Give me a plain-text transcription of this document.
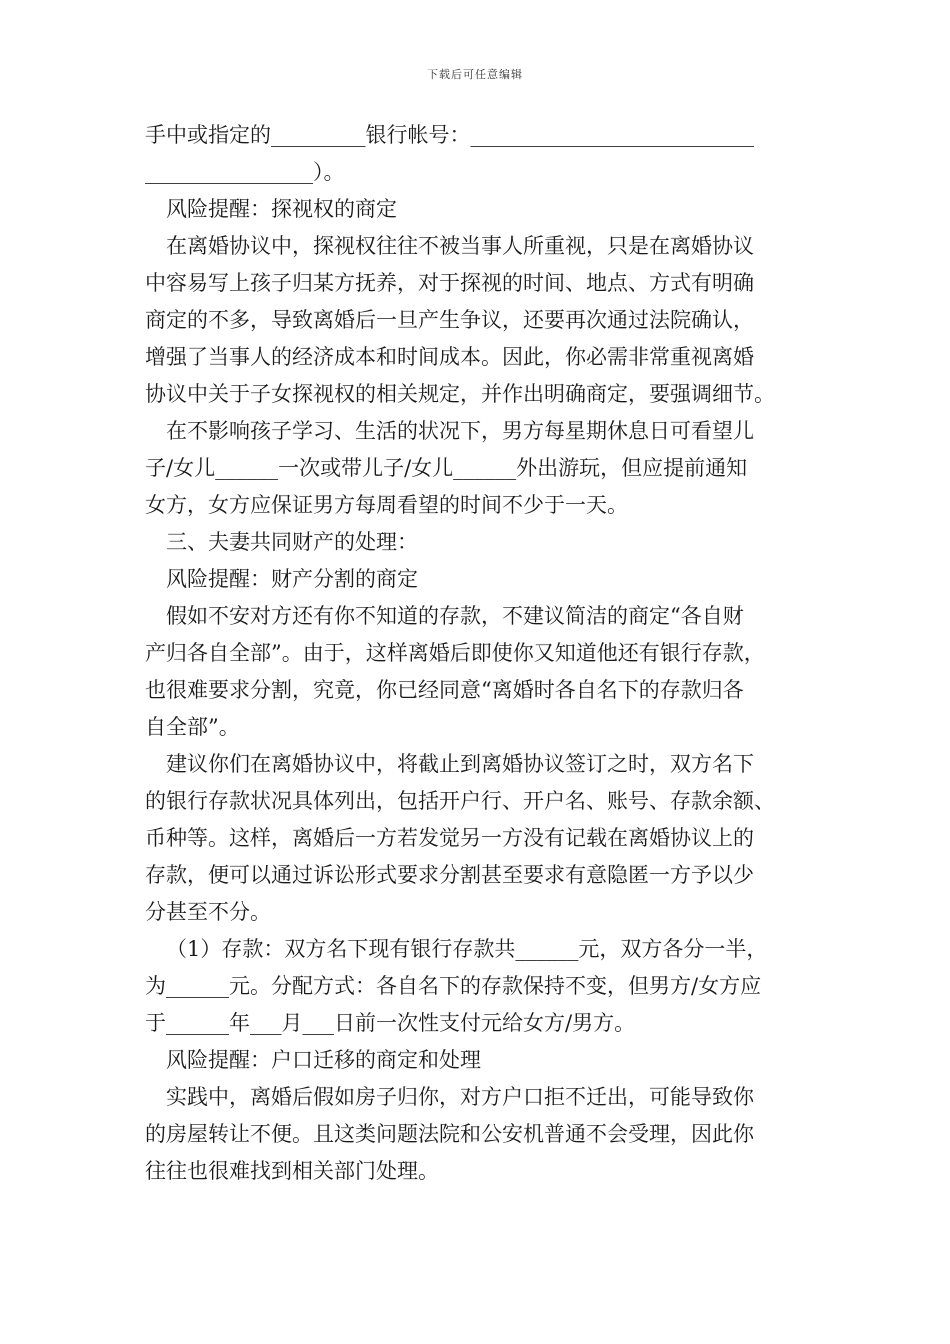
下载后可任意编辑
手中或指定的_________银行帐号：___________________________
________________）。
风险提醒：探视权的商定
在离婚协议中，探视权往往不被当事人所重视，只是在离婚协议
中容易写上孩子归某方抚养，对于探视的时间、地点、方式有明确
商定的不多，导致离婚后一旦产生争议，还要再次通过法院确认，
增强了当事人的经济成本和时间成本。因此，你必需非常重视离婚
协议中关于子女探视权的相关规定，并作出明确商定，要强调细节。
在不影响孩子学习、生活的状况下，男方每星期休息日可看望儿
子/女儿______一次或带儿子/女儿______外出游玩，但应提前通知
女方，女方应保证男方每周看望的时间不少于一天。
三、夫妻共同财产的处理：
风险提醒：财产分割的商定
假如不安对方还有你不知道的存款，不建议简洁的商定“各自财
产归各自全部”。由于，这样离婚后即使你又知道他还有银行存款，
也很难要求分割，究竟，你已经同意“离婚时各自名下的存款归各
自全部”。
建议你们在离婚协议中，将截止到离婚协议签订之时，双方名下
的银行存款状况具体列出，包括开户行、开户名、账号、存款余额、
币种等。这样，离婚后一方若发觉另一方没有记载在离婚协议上的
存款，便可以通过诉讼形式要求分割甚至要求有意隐匿一方予以少
分甚至不分。
（1）存款：双方名下现有银行存款共______元，双方各分一半，
为______元。分配方式：各自名下的存款保持不变，但男方/女方应
于______年___月___日前一次性支付元给女方/男方。
风险提醒：户口迁移的商定和处理
实践中，离婚后假如房子归你，对方户口拒不迁出，可能导致你
的房屋转让不便。且这类问题法院和公安机普通不会受理，因此你
往往也很难找到相关部门处理。
